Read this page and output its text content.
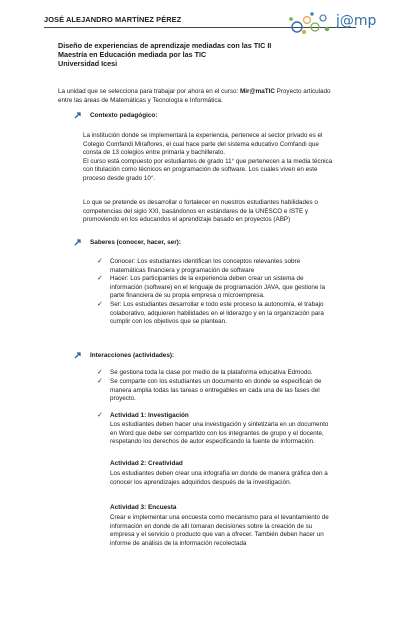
JOSÉ ALEJANDRO MARTÍNEZ PÉREZ	j@mp
Diseño de experiencias de aprendizaje mediadas con las TIC II
Maestría en Educación mediada por las TIC
Universidad Icesi
La unidad que se selecciona para trabajar por ahora en el curso: Mir@maTIC Proyecto articulado
entre las áreas de Matemáticas y Tecnología e Informática.
Contexto pedagógico:
La institución donde se implementará la experiencia, pertenece al sector privado es el
Colegio Comfandi Miraflores, el cual hace parte del sistema educativo Comfandi que
consta de 13 colegios entre primaria y bachillerato.
El curso está compuesto por estudiantes de grado 11° que pertenecen a la media técnica
con titulación como técnicos en programación de software. Los cuales viven en este
proceso desde grado 10°.
Lo que se pretende es desarrollar o fortalecer en nuestros estudiantes habilidades o
competencias del siglo XXI, basándonos en estándares de la UNESCO e ISTE y
promoviendo en los educandos el aprendizaje basado en proyectos (ABP)
Saberes (conocer, hacer, ser):
✓ Conocer: Los estudiantes identifican los conceptos relevantes sobre
matemáticas financiera y programación de software
✓ Hacer: Los participantes de la experiencia deben crear un sistema de
información (software) en el lenguaje de programación JAVA, que gestione la
parte financiera de su propia empresa o microempresa.
✓ Ser: Los estudiantes desarrollar e todo este proceso la autonomía, el trabajo
colaborativo, adquieren habilidades en el liderazgo y en la organización para
cumplir con los objetivos que se plantean.
Interacciones (actividades):
✓ Se gestiona toda la clase por medio de la plataforma educativa Edmodo.
✓ Se comparte con los estudiantes un documento en donde se especifican de
manera amplia todas las tareas o entregables en cada una de las fases del
proyecto.
✓ Actividad 1: Investigación
Los estudiantes deben hacer una investigación y sintetizarla en un documento
en Word que debe ser compartido con los integrantes de grupo y el docente,
respetando los derechos de autor especificando la fuente de información.
Actividad 2: Creatividad
Los estudiantes deben crear una infografía en donde de manera gráfica den a
conocer los aprendizajes adquiridos después de la investigación.
Actividad 3: Encuesta
Crear e implementar una encuesta como mecanismo para el levantamiento de
información en donde de allí tomaran decisiones sobre la creación de su
empresa y el servicio o producto que van a ofrecer. También deben hacer un
informe de análisis de la información recolectada
